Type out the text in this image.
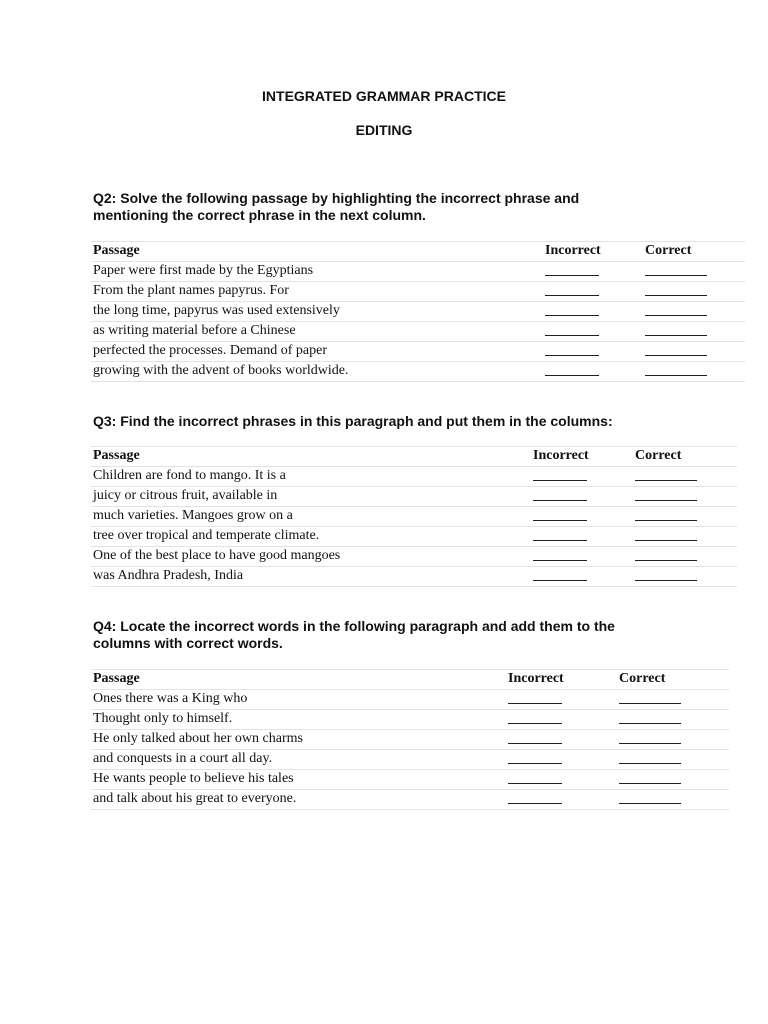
INTEGRATED GRAMMAR PRACTICE
EDITING
Q2: Solve the following passage by highlighting the incorrect phrase and mentioning the correct phrase in the next column.
Passage	Incorrect	Correct
Paper were first made by the Egyptians		
From the plant names papyrus. For		
the long time, papyrus was used extensively		
as writing material before a Chinese		
perfected the processes. Demand of paper		
growing with the advent of books worldwide.		
Q3: Find the incorrect phrases in this paragraph and put them in the columns:
Passage	Incorrect	Correct
Children are fond to mango. It is a		
juicy or citrous fruit, available in		
much varieties. Mangoes grow on a		
tree over tropical and temperate climate.		
One of the best place to have good mangoes		
was Andhra Pradesh, India		
Q4: Locate the incorrect words in the following paragraph and add them to the columns with correct words.
Passage	Incorrect	Correct
Ones there was a King who		
Thought only to himself.		
He only talked about her own charms		
and conquests in a court all day.		
He wants people to believe his tales		
and talk about his great to everyone.		
